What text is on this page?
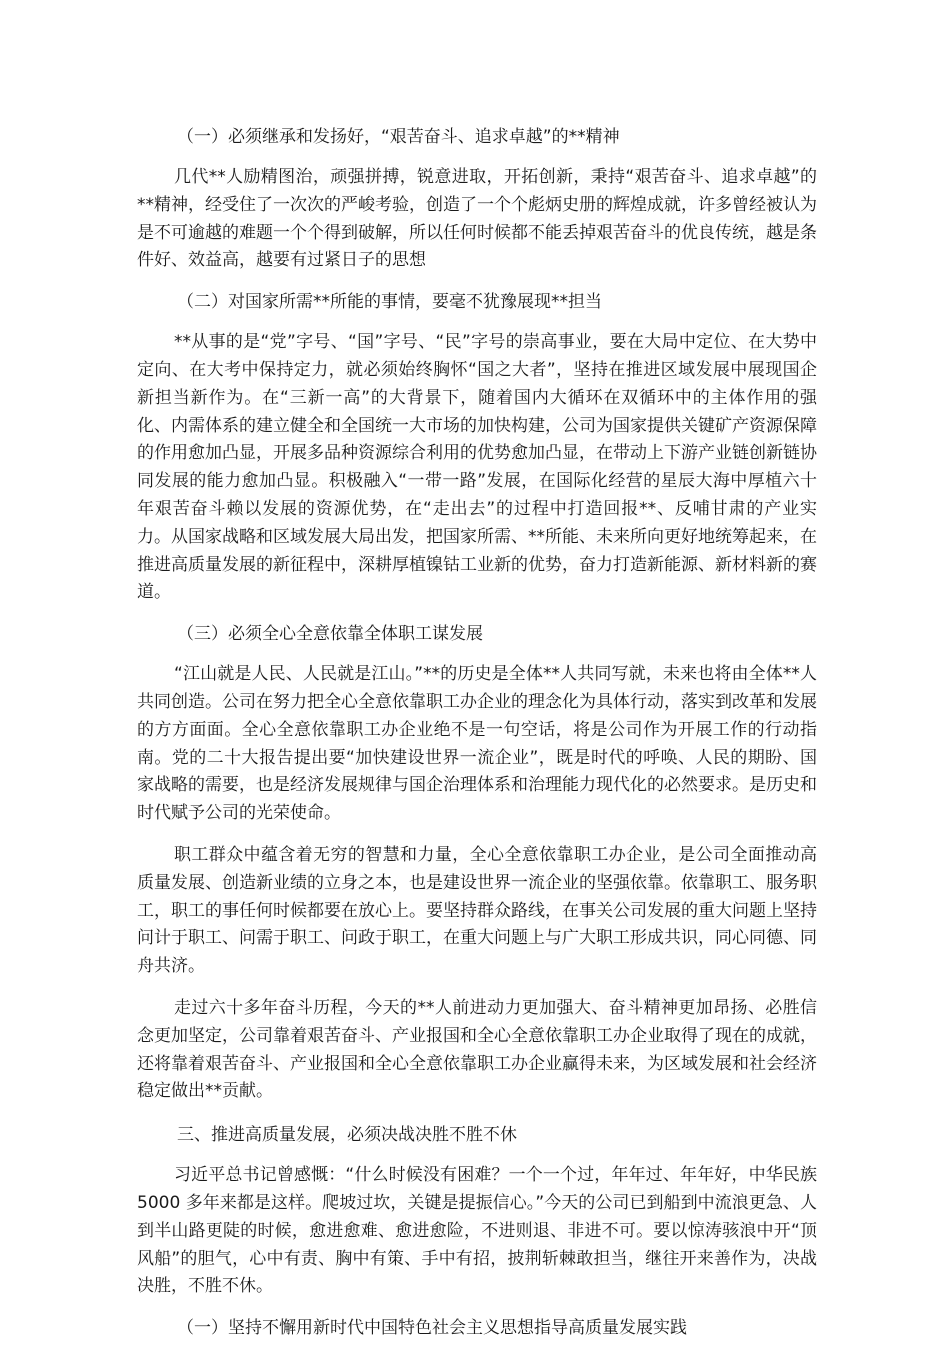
（一）必须继承和发扬好，“艰苦奋斗、追求卓越”的**精神

几代**人励精图治，顽强拼搏，锐意进取，开拓创新，秉持“艰苦奋斗、追求卓越”的**精神，经受住了一次次的严峻考验，创造了一个个彪炳史册的辉煌成就，许多曾经被认为是不可逾越的难题一个个得到破解，所以任何时候都不能丢掉艰苦奋斗的优良传统，越是条件好、效益高，越要有过紧日子的思想

（二）对国家所需**所能的事情，要毫不犹豫展现**担当

**从事的是“党”字号、“国”字号、“民”字号的崇高事业，要在大局中定位、在大势中定向、在大考中保持定力，就必须始终胸怀“国之大者”，坚持在推进区域发展中展现国企新担当新作为。在“三新一高”的大背景下，随着国内大循环在双循环中的主体作用的强化、内需体系的建立健全和全国统一大市场的加快构建，公司为国家提供关键矿产资源保障的作用愈加凸显，开展多品种资源综合利用的优势愈加凸显，在带动上下游产业链创新链协同发展的能力愈加凸显。积极融入“一带一路”发展，在国际化经营的星辰大海中厚植六十年艰苦奋斗赖以发展的资源优势，在“走出去”的过程中打造回报**、反哺甘肃的产业实力。从国家战略和区域发展大局出发，把国家所需、**所能、未来所向更好地统筹起来，在推进高质量发展的新征程中，深耕厚植镍钴工业新的优势，奋力打造新能源、新材料新的赛道。

（三）必须全心全意依靠全体职工谋发展

“江山就是人民、人民就是江山。”**的历史是全体**人共同写就，未来也将由全体**人共同创造。公司在努力把全心全意依靠职工办企业的理念化为具体行动，落实到改革和发展的方方面面。全心全意依靠职工办企业绝不是一句空话，将是公司作为开展工作的行动指南。党的二十大报告提出要“加快建设世界一流企业”，既是时代的呼唤、人民的期盼、国家战略的需要，也是经济发展规律与国企治理体系和治理能力现代化的必然要求。是历史和时代赋予公司的光荣使命。

职工群众中蕴含着无穷的智慧和力量，全心全意依靠职工办企业，是公司全面推动高质量发展、创造新业绩的立身之本，也是建设世界一流企业的坚强依靠。依靠职工、服务职工，职工的事任何时候都要在放心上。要坚持群众路线，在事关公司发展的重大问题上坚持问计于职工、问需于职工、问政于职工，在重大问题上与广大职工形成共识，同心同德、同舟共济。

走过六十多年奋斗历程，今天的**人前进动力更加强大、奋斗精神更加昂扬、必胜信念更加坚定，公司靠着艰苦奋斗、产业报国和全心全意依靠职工办企业取得了现在的成就，还将靠着艰苦奋斗、产业报国和全心全意依靠职工办企业赢得未来，为区域发展和社会经济稳定做出**贡献。

三、推进高质量发展，必须决战决胜不胜不休

习近平总书记曾感慨：“什么时候没有困难？一个一个过，年年过、年年好，中华民族 5000 多年来都是这样。爬坡过坎，关键是提振信心。”今天的公司已到船到中流浪更急、人到半山路更陡的时候，愈进愈难、愈进愈险，不进则退、非进不可。要以惊涛骇浪中开“顶风船”的胆气，心中有责、胸中有策、手中有招，披荆斩棘敢担当，继往开来善作为，决战决胜，不胜不休。

（一）坚持不懈用新时代中国特色社会主义思想指导高质量发展实践
